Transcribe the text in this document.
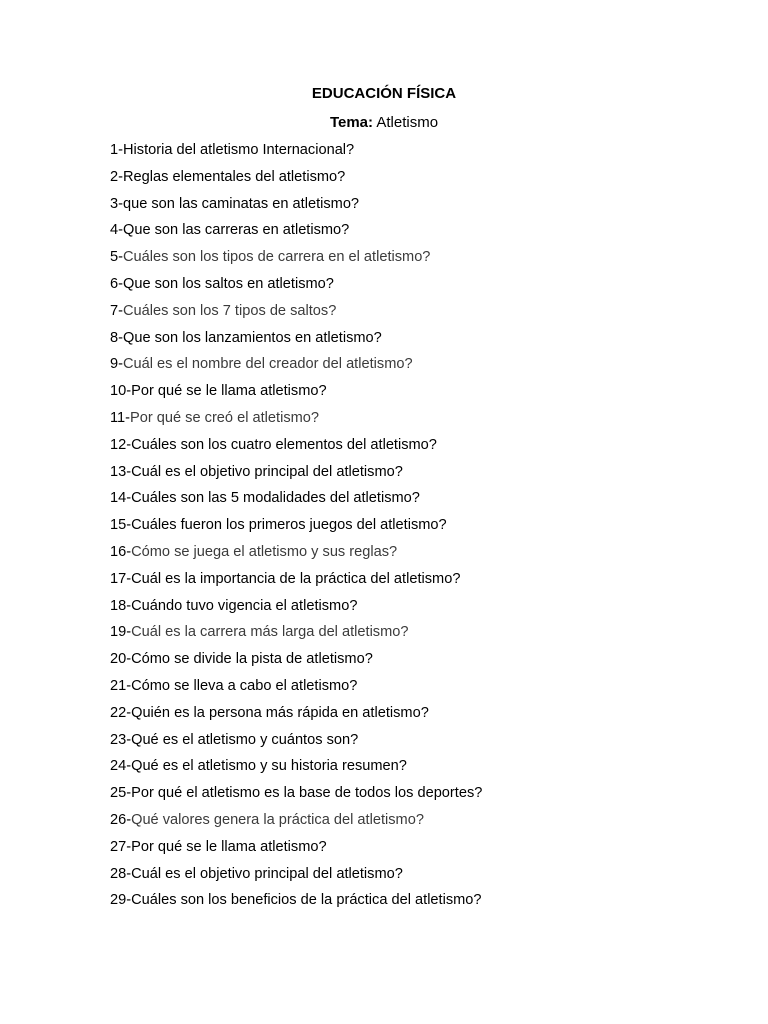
EDUCACIÓN FÍSICA
Tema: Atletismo
1-Historia del atletismo Internacional?
2-Reglas elementales del atletismo?
3-que son las caminatas en atletismo?
4-Que son las carreras en atletismo?
5-Cuáles son los tipos de carrera en el atletismo?
6-Que son los saltos en atletismo?
7-Cuáles son los 7 tipos de saltos?
8-Que son los lanzamientos en atletismo?
9-Cuál es el nombre del creador del atletismo?
10-Por qué se le llama atletismo?
11-Por qué se creó el atletismo?
12-Cuáles son los cuatro elementos del atletismo?
13-Cuál es el objetivo principal del atletismo?
14-Cuáles son las 5 modalidades del atletismo?
15-Cuáles fueron los primeros juegos del atletismo?
16-Cómo se juega el atletismo y sus reglas?
17-Cuál es la importancia de la práctica del atletismo?
18-Cuándo tuvo vigencia el atletismo?
19-Cuál es la carrera más larga del atletismo?
20-Cómo se divide la pista de atletismo?
21-Cómo se lleva a cabo el atletismo?
22-Quién es la persona más rápida en atletismo?
23-Qué es el atletismo y cuántos son?
24-Qué es el atletismo y su historia resumen?
25-Por qué el atletismo es la base de todos los deportes?
26-Qué valores genera la práctica del atletismo?
27-Por qué se le llama atletismo?
28-Cuál es el objetivo principal del atletismo?
29-Cuáles son los beneficios de la práctica del atletismo?
